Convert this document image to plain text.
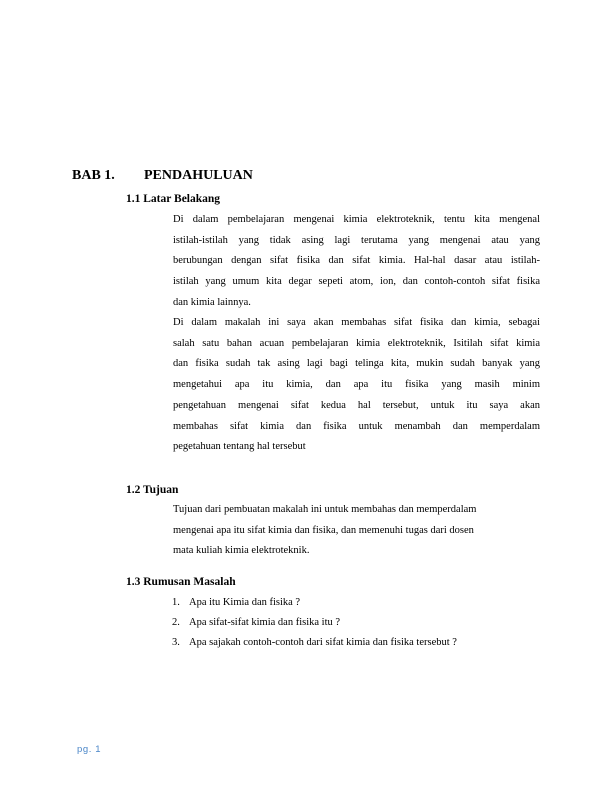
BAB 1. PENDAHULUAN
1.1 Latar Belakang
Di dalam pembelajaran mengenai kimia elektroteknik, tentu kita mengenal
istilah-istilah yang tidak asing lagi terutama yang mengenai atau yang
berubungan dengan sifat fisika dan sifat kimia. Hal-hal dasar atau istilah-
istilah yang umum kita degar sepeti atom, ion, dan contoh-contoh sifat fisika
dan kimia lainnya.
Di dalam makalah ini saya akan membahas sifat fisika dan kimia, sebagai
salah satu bahan acuan pembelajaran kimia elektroteknik, Isitilah sifat kimia
dan fisika sudah tak asing lagi bagi telinga kita, mukin sudah banyak yang
mengetahui apa itu kimia, dan apa itu fisika yang masih minim
pengetahuan mengenai sifat kedua hal tersebut, untuk itu saya akan
membahas sifat kimia dan fisika untuk menambah dan memperdalam
pegetahuan tentang hal tersebut
1.2 Tujuan
Tujuan dari pembuatan makalah ini untuk membahas dan memperdalam
mengenai apa itu sifat kimia dan fisika, dan memenuhi tugas dari dosen
mata kuliah kimia elektroteknik.
1.3 Rumusan Masalah
1. Apa itu Kimia dan fisika ?
2. Apa sifat-sifat kimia dan fisika itu ?
3. Apa sajakah contoh-contoh dari sifat kimia dan fisika tersebut ?
pg. 1
